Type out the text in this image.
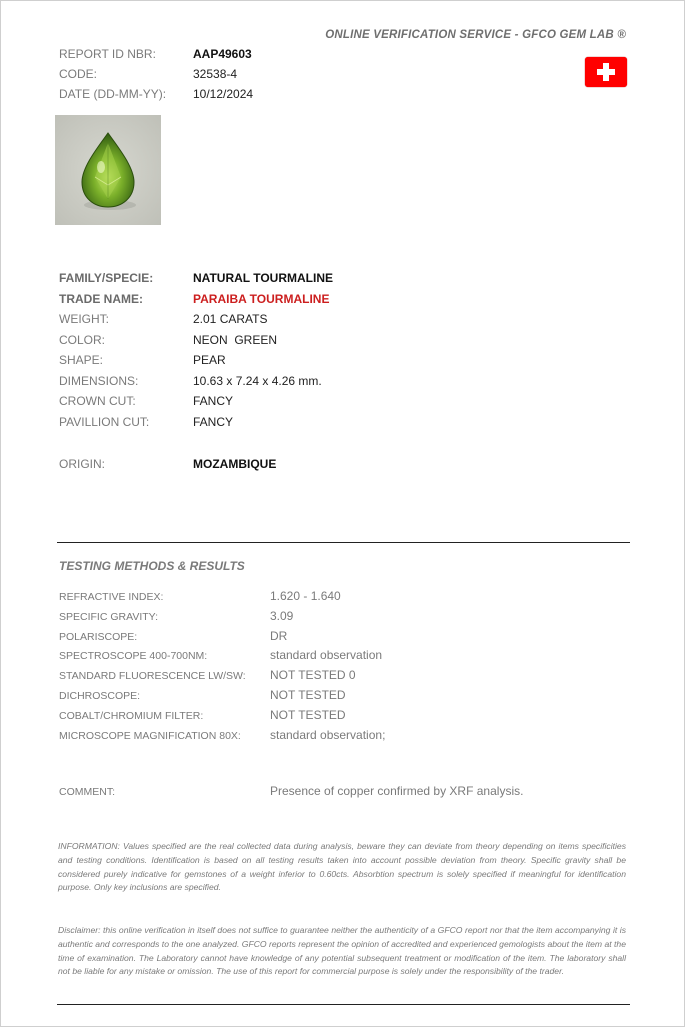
ONLINE VERIFICATION SERVICE - GFCO GEM LAB ®
REPORT ID NBR:	AAP49603
CODE:	32538-4
DATE (DD-MM-YY): 10/12/2024
FAMILY/SPECIE:	NATURAL TOURMALINE
TRADE NAME:	PARAIBA TOURMALINE
WEIGHT:	2.01 CARATS
COLOR:	NEON  GREEN
SHAPE:	PEAR
DIMENSIONS:	10.63 x 7.24 x 4.26 mm.
CROWN CUT:	FANCY
PAVILLION CUT:	FANCY
ORIGIN:	MOZAMBIQUE
TESTING METHODS & RESULTS
REFRACTIVE INDEX:	1.620 - 1.640
SPECIFIC GRAVITY:	3.09
POLARISCOPE:	DR
SPECTROSCOPE 400-700NM:	standard observation
STANDARD FLUORESCENCE LW/SW: NOT TESTED 0
DICHROSCOPE:	NOT TESTED
COBALT/CHROMIUM FILTER:	NOT TESTED
MICROSCOPE MAGNIFICATION 80X: standard observation;
COMMENT:	Presence of copper confirmed by XRF analysis.
INFORMATION: Values specified are the real collected data during analysis, beware they can deviate from theory depending on items specificities and testing conditions. Identification is based on all testing results taken into account possible deviation from theory. Specific gravity shall be considered purely indicative for gemstones of a weight inferior to 0.60cts. Absorbtion spectrum is solely specified if meaningful for identification purpose. Only key inclusions are specified.
Disclaimer: this online verification in itself does not suffice to guarantee neither the authenticity of a GFCO report nor that the item accompanying it is authentic and corresponds to the one analyzed. GFCO reports represent the opinion of accredited and experienced gemologists about the item at the time of examination. The Laboratory cannot have knowledge of any potential subsequent treatment or modification of the item. The laboratory shall not be liable for any mistake or omission. The use of this report for commercial purpose is solely under the responsibility of the trader.
